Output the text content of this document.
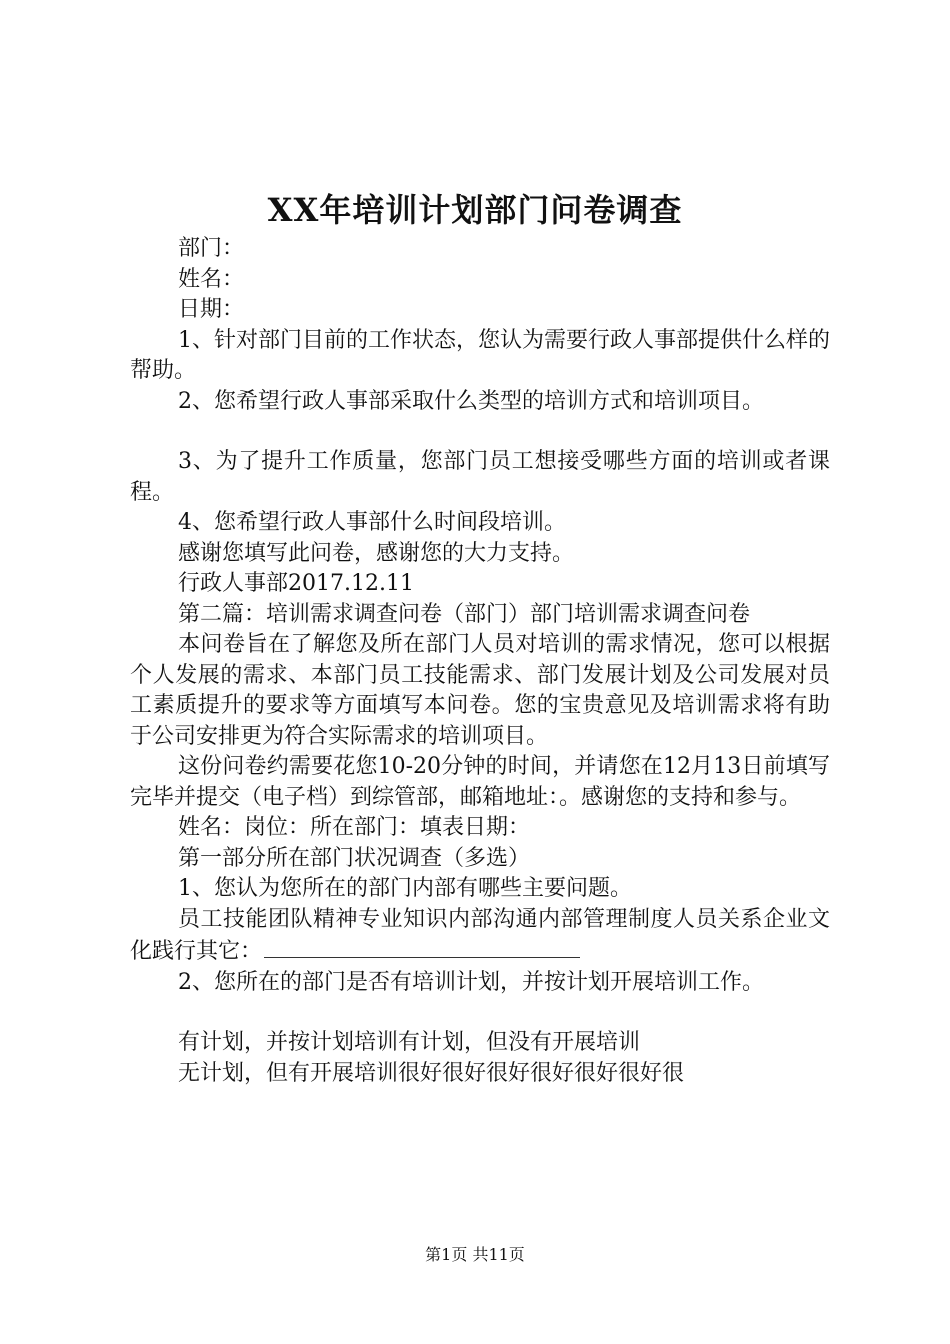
XX年培训计划部门问卷调查

部门：

姓名：

日期：

1、针对部门目前的工作状态，您认为需要行政人事部提供什么样的帮助。

2、您希望行政人事部采取什么类型的培训方式和培训项目。

3、为了提升工作质量，您部门员工想接受哪些方面的培训或者课程。

4、您希望行政人事部什么时间段培训。

感谢您填写此问卷，感谢您的大力支持。

行政人事部2017.12.11

第二篇：培训需求调查问卷（部门）部门培训需求调查问卷

本问卷旨在了解您及所在部门人员对培训的需求情况，您可以根据个人发展的需求、本部门员工技能需求、部门发展计划及公司发展对员工素质提升的要求等方面填写本问卷。您的宝贵意见及培训需求将有助于公司安排更为符合实际需求的培训项目。

这份问卷约需要花您10-20分钟的时间，并请您在12月13日前填写完毕并提交（电子档）到综管部，邮箱地址：。感谢您的支持和参与。

姓名：岗位：所在部门：填表日期：

第一部分所在部门状况调查（多选）

1、您认为您所在的部门内部有哪些主要问题。

员工技能团队精神专业知识内部沟通内部管理制度人员关系企业文化践行其它：

2、您所在的部门是否有培训计划，并按计划开展培训工作。

有计划，并按计划培训有计划，但没有开展培训

无计划，但有开展培训很好很好很好很好很好很好很

第1页 共11页
